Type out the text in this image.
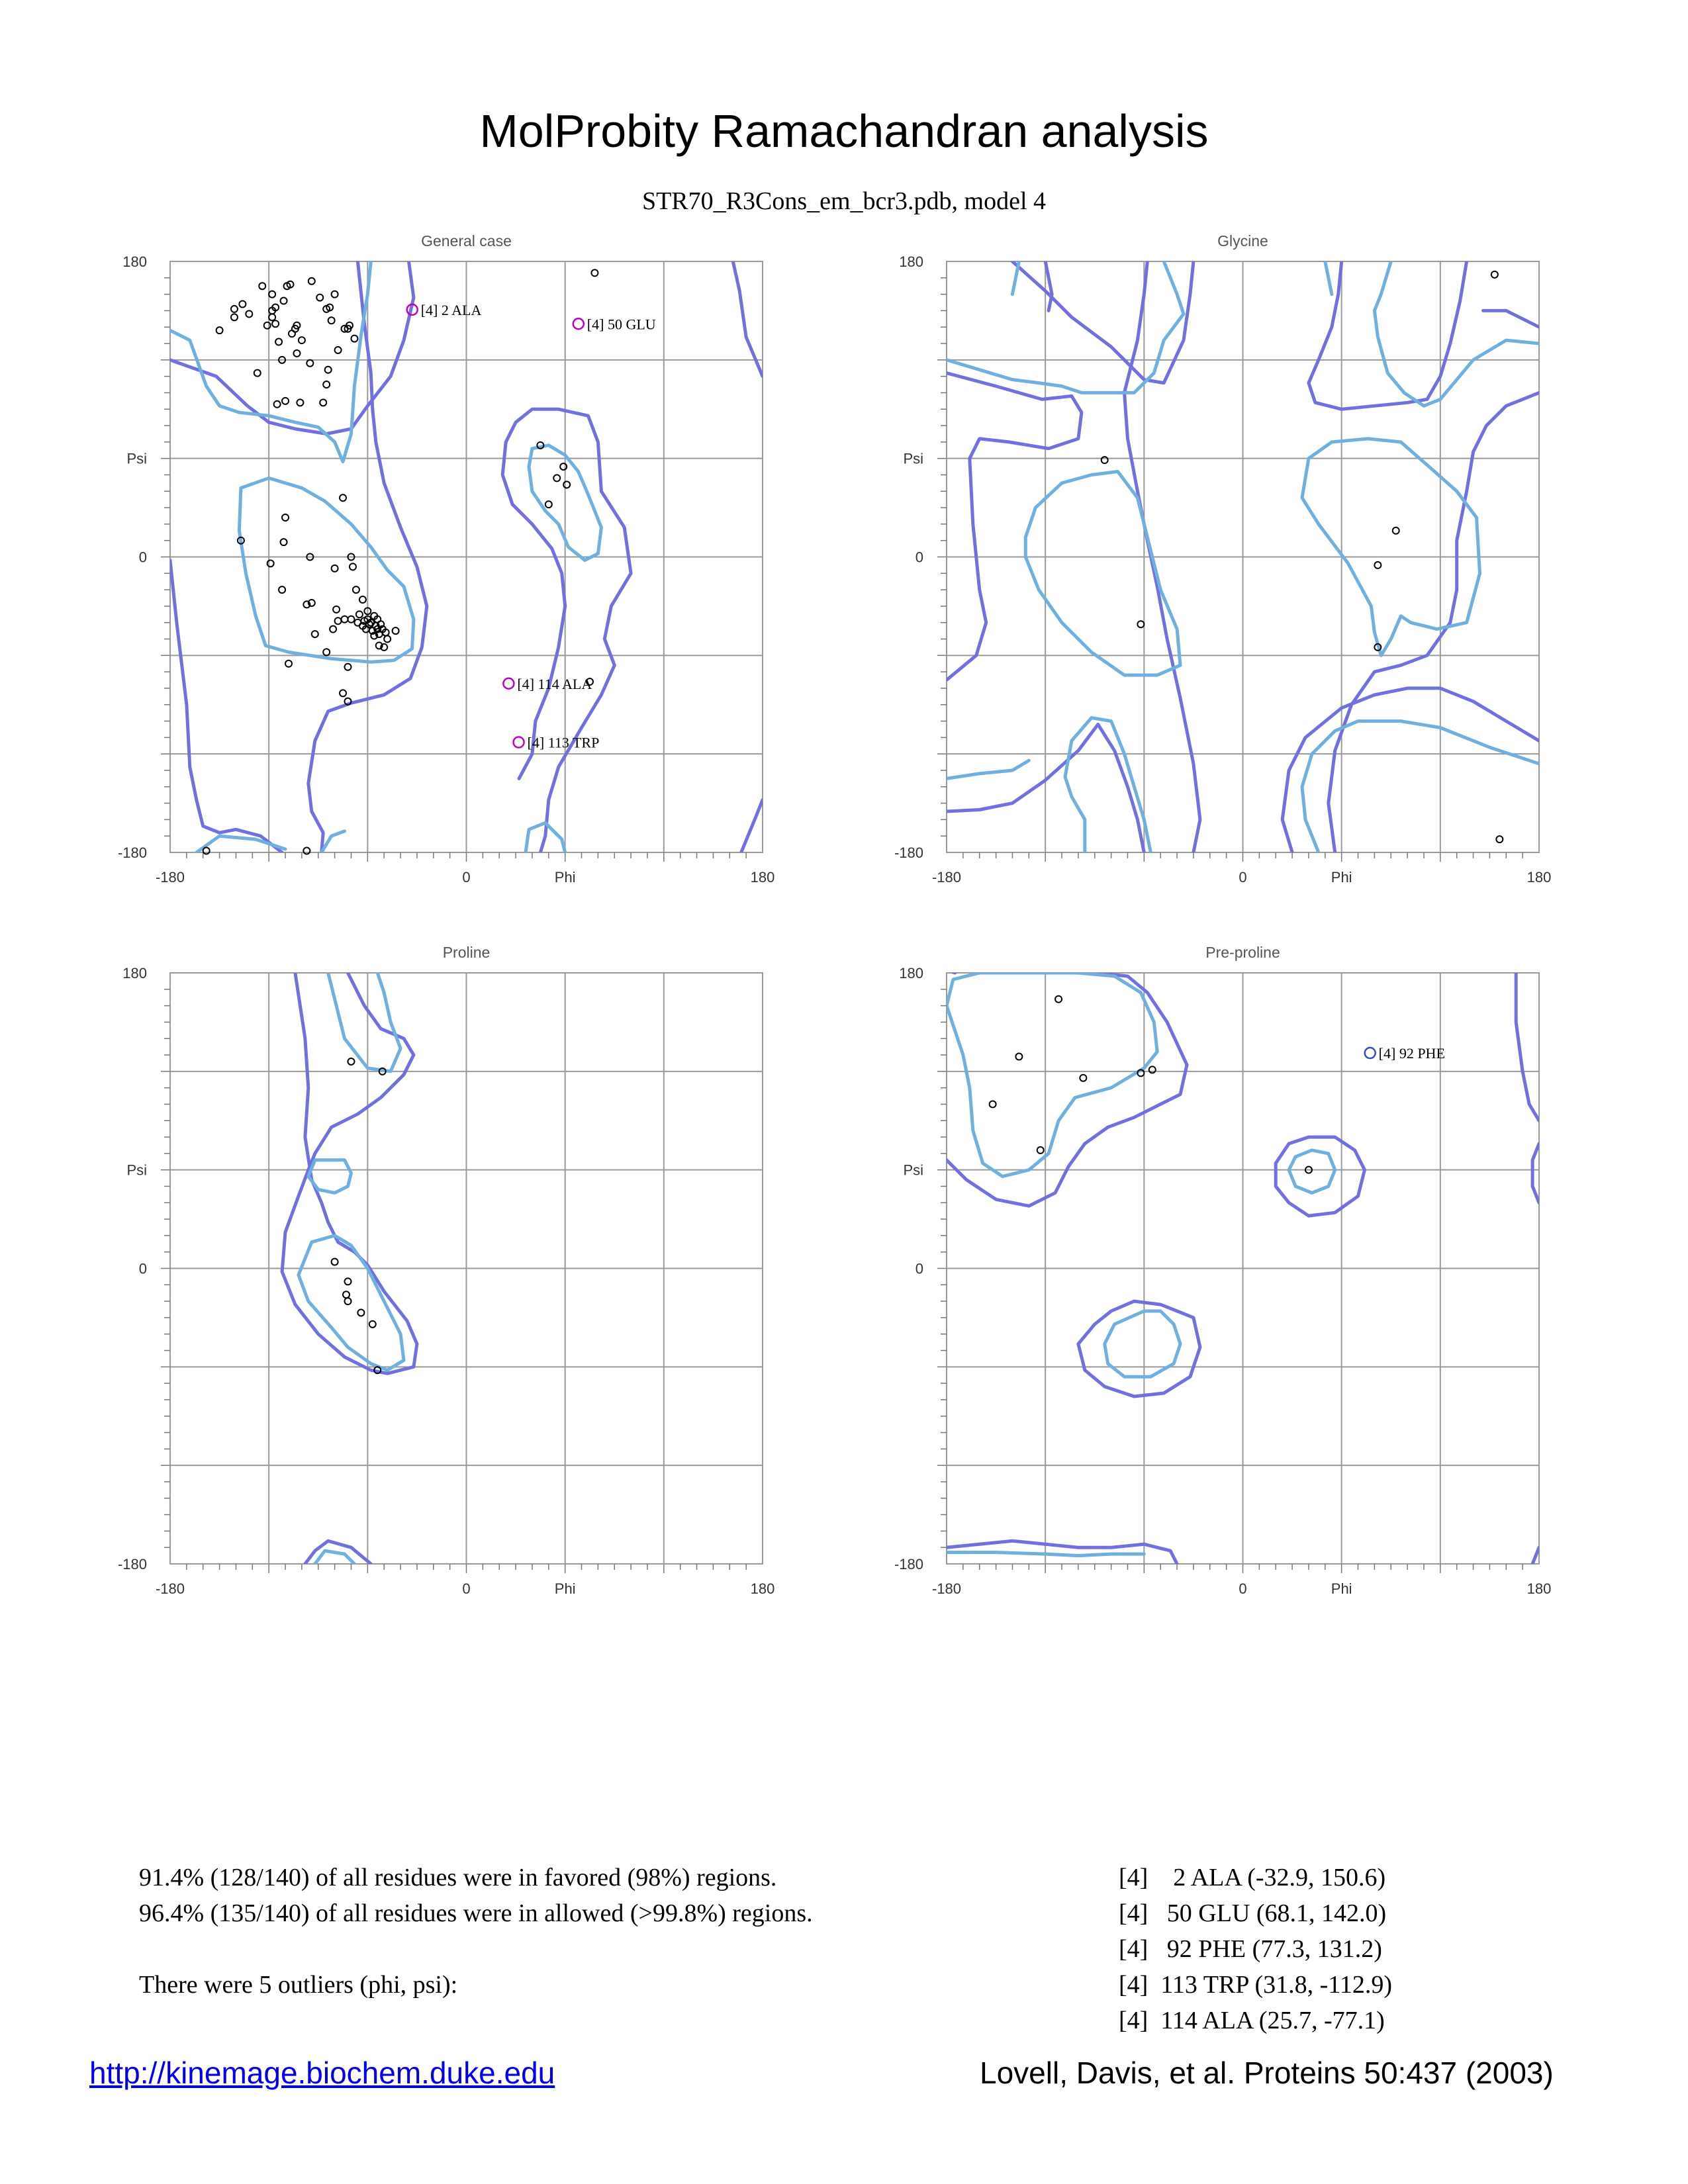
MolProbity Ramachandran analysis
STR70_R3Cons_em_bcr3.pdb, model 4
General case
-180	0	Phi	180
180
Psi
0
-180
[4] 2 ALA
[4] 50 GLU
[4] 114 ALA
[4] 113 TRP
Glycine
-180	0	Phi	180
180
Psi
0
-180
Proline
-180	0	Phi	180
180
Psi
0
-180
Pre-proline
-180	0	Phi	180
180
Psi
0
-180
[4] 92 PHE
91.4% (128/140) of all residues were in favored (98%) regions.
96.4% (135/140) of all residues were in allowed (>99.8%) regions.

There were 5 outliers (phi, psi):
[4]    2 ALA (-32.9, 150.6)
[4]   50 GLU (68.1, 142.0)
[4]   92 PHE (77.3, 131.2)
[4]  113 TRP (31.8, -112.9)
[4]  114 ALA (25.7, -77.1)
http://kinemage.biochem.duke.edu	Lovell, Davis, et al. Proteins 50:437 (2003)
